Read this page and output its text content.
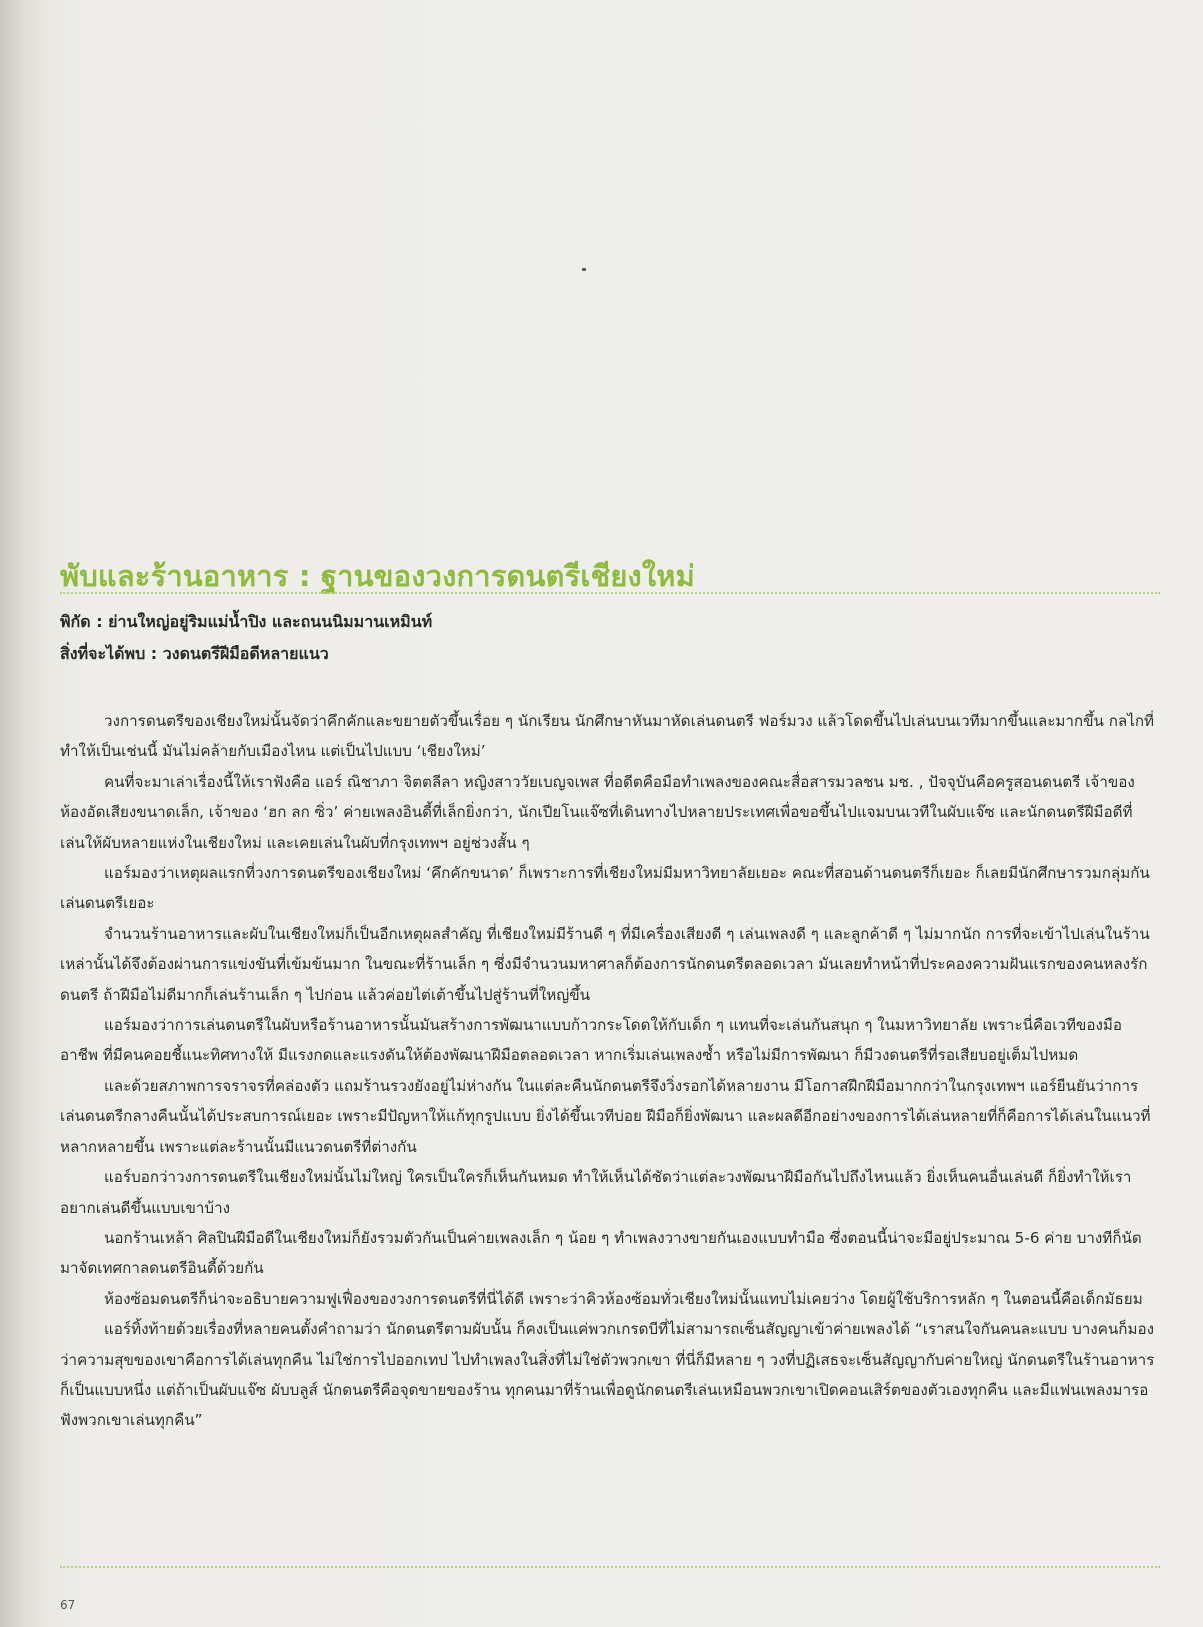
พับและร้านอาหาร : ฐานของวงการดนตรีเชียงใหม่
พิกัด : ย่านใหญ่อยู่ริมแม่น้ำปิง และถนนนิมมานเหมินท์
สิ่งที่จะได้พบ : วงดนตรีฝีมือดีหลายแนว

วงการดนตรีของเชียงใหม่นั้นจัดว่าคึกคักและขยายตัวขึ้นเรื่อย ๆ นักเรียน นักศึกษาหันมาหัดเล่นดนตรี ฟอร์มวง แล้วโดดขึ้นไปเล่นบนเวทีมากขึ้นและมากขึ้น กลไกที่ทำให้เป็นเช่นนี้ มันไม่คล้ายกับเมืองไหน แต่เป็นไปแบบ ‘เชียงใหม่’

คนที่จะมาเล่าเรื่องนี้ให้เราฟังคือ แอร์ ณิชาภา จิตตลีลา หญิงสาววัยเบญจเพส ที่อดีตคือมือทำเพลงของคณะสื่อสารมวลชน มช. , ปัจจุบันคือครูสอนดนตรี เจ้าของห้องอัดเสียงขนาดเล็ก, เจ้าของ ‘ฮก ลก ซิ่ว’ ค่ายเพลงอินดี้ที่เล็กยิ่งกว่า, นักเปียโนแจ๊ซที่เดินทางไปหลายประเทศเพื่อขอขึ้นไปแจมบนเวทีในผับแจ๊ซ และนักดนตรีฝีมือดีที่เล่นให้ผับหลายแห่งในเชียงใหม่ และเคยเล่นในผับที่กรุงเทพฯ อยู่ช่วงสั้น ๆ

แอร์มองว่าเหตุผลแรกที่วงการดนตรีของเชียงใหม่ ‘คึกคักขนาด’ ก็เพราะการที่เชียงใหม่มีมหาวิทยาลัยเยอะ คณะที่สอนด้านดนตรีก็เยอะ ก็เลยมีนักศึกษารวมกลุ่มกันเล่นดนตรีเยอะ

จำนวนร้านอาหารและผับในเชียงใหม่ก็เป็นอีกเหตุผลสำคัญ ที่เชียงใหม่มีร้านดี ๆ ที่มีเครื่องเสียงดี ๆ เล่นเพลงดี ๆ และลูกค้าดี ๆ ไม่มากนัก การที่จะเข้าไปเล่นในร้านเหล่านั้นได้จึงต้องผ่านการแข่งขันที่เข้มข้นมาก ในขณะที่ร้านเล็ก ๆ ซึ่งมีจำนวนมหาศาลก็ต้องการนักดนตรีตลอดเวลา มันเลยทำหน้าที่ประคองความฝันแรกของคนหลงรักดนตรี ถ้าฝีมือไม่ดีมากก็เล่นร้านเล็ก ๆ ไปก่อน แล้วค่อยไต่เต้าขึ้นไปสู่ร้านที่ใหญ่ขึ้น

แอร์มองว่าการเล่นดนตรีในผับหรือร้านอาหารนั้นมันสร้างการพัฒนาแบบก้าวกระโดดให้กับเด็ก ๆ แทนที่จะเล่นกันสนุก ๆ ในมหาวิทยาลัย เพราะนี่คือเวทีของมืออาชีพ ที่มีคนคอยชี้แนะทิศทางให้ มีแรงกดและแรงดันให้ต้องพัฒนาฝีมือตลอดเวลา หากเริ่มเล่นเพลงซ้ำ หรือไม่มีการพัฒนา ก็มีวงดนตรีที่รอเสียบอยู่เต็มไปหมด

และด้วยสภาพการจราจรที่คล่องตัว แถมร้านรวงยังอยู่ไม่ห่างกัน ในแต่ละคืนนักดนตรีจึงวิ่งรอกได้หลายงาน มีโอกาสฝึกฝีมือมากกว่าในกรุงเทพฯ แอร์ยืนยันว่าการเล่นดนตรีกลางคืนนั้นได้ประสบการณ์เยอะ เพราะมีปัญหาให้แก้ทุกรูปแบบ ยิ่งได้ขึ้นเวทีบ่อย ฝีมือก็ยิ่งพัฒนา และผลดีอีกอย่างของการได้เล่นหลายที่ก็คือการได้เล่นในแนวที่หลากหลายขึ้น เพราะแต่ละร้านนั้นมีแนวดนตรีที่ต่างกัน

แอร์บอกว่าวงการดนตรีในเชียงใหม่นั้นไม่ใหญ่ ใครเป็นใครก็เห็นกันหมด ทำให้เห็นได้ชัดว่าแต่ละวงพัฒนาฝีมือกันไปถึงไหนแล้ว ยิ่งเห็นคนอื่นเล่นดี ก็ยิ่งทำให้เราอยากเล่นดีขึ้นแบบเขาบ้าง

นอกร้านเหล้า ศิลปินฝีมือดีในเชียงใหม่ก็ยังรวมตัวกันเป็นค่ายเพลงเล็ก ๆ น้อย ๆ ทำเพลงวางขายกันเองแบบทำมือ ซึ่งตอนนี้น่าจะมีอยู่ประมาณ 5-6 ค่าย บางทีก็นัดมาจัดเทศกาลดนตรีอินดี้ด้วยกัน

ห้องซ้อมดนตรีก็น่าจะอธิบายความฟูเฟื่องของวงการดนตรีที่นี่ได้ดี เพราะว่าคิวห้องซ้อมทั่วเชียงใหม่นั้นแทบไม่เคยว่าง โดยผู้ใช้บริการหลัก ๆ ในตอนนี้คือเด็กมัธยม

แอร์ทิ้งท้ายด้วยเรื่องที่หลายคนตั้งคำถามว่า นักดนตรีตามผับนั้น ก็คงเป็นแค่พวกเกรดบีที่ไม่สามารถเซ็นสัญญาเข้าค่ายเพลงได้ “เราสนใจกันคนละแบบ บางคนก็มองว่าความสุขของเขาคือการได้เล่นทุกคืน ไม่ใช่การไปออกเทป ไปทำเพลงในสิ่งที่ไม่ใช่ตัวพวกเขา ที่นี่ก็มีหลาย ๆ วงที่ปฏิเสธจะเซ็นสัญญากับค่ายใหญ่ นักดนตรีในร้านอาหารก็เป็นแบบหนึ่ง แต่ถ้าเป็นผับแจ๊ซ ผับบลูส์ นักดนตรีคือจุดขายของร้าน ทุกคนมาที่ร้านเพื่อดูนักดนตรีเล่นเหมือนพวกเขาเปิดคอนเสิร์ตของตัวเองทุกคืน และมีแฟนเพลงมารอฟังพวกเขาเล่นทุกคืน”

67
